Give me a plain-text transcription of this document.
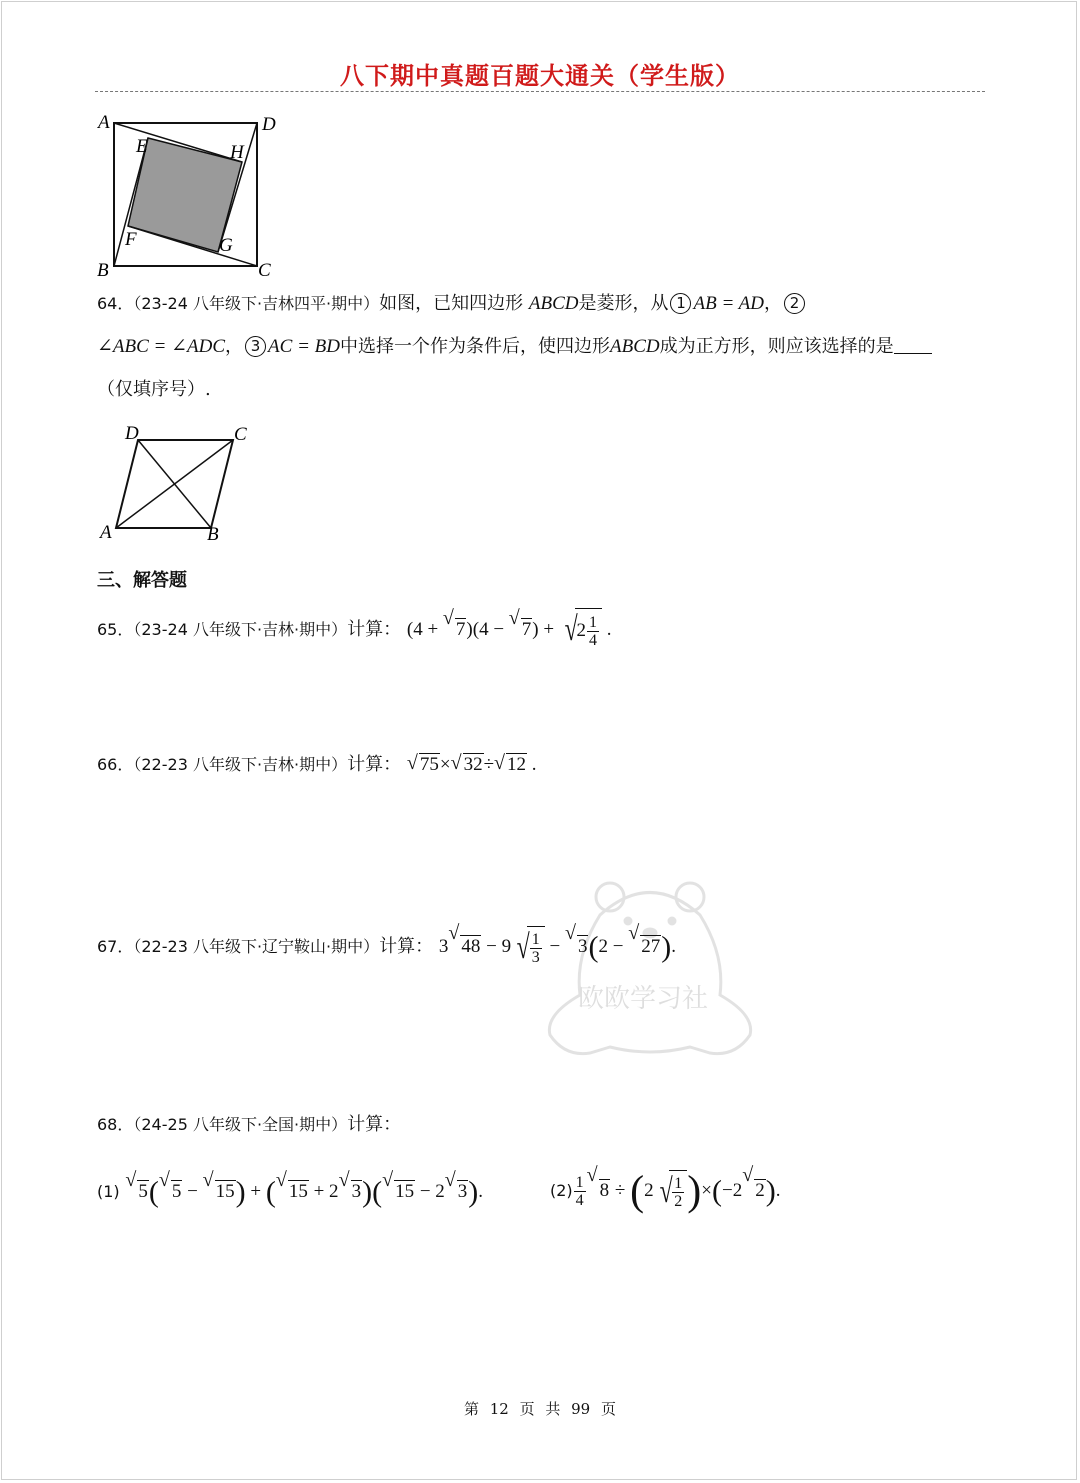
八下期中真题百题大通关（学生版）
A	D
E	H
F	G
B	C
64．（23-24 八年级下·吉林四平·期中）如图，已知四边形 ABCD是菱形，从 1 AB = AD， 2
∠ABC = ∠ADC， 3 AC = BD中选择一个作为条件后，使四边形ABCD成为正方形，则应该选择的是
（仅填序号）.
D	C
A	B
三、解答题
65．（23-24 八年级下·吉林·期中）计算： (4 + √ 7)(4 − √ 7) + √ $2 \frac{1}{4}$ .
66．（22-23 八年级下·吉林·期中）计算： √ 75×√ 32÷√ 12 .
欧欧学习社
67．（22-23 八年级下·辽宁鞍山·期中）计算： 3√ 48 − 9 √ $\frac{1}{3}$ − √ 3(2 − √ 27).
68．（24-25 八年级下·全国·期中）计算：
(1) √ 5(√ 5 − √ 15) + (√ 15 + 2√ 3)(√ 15 − 2√ 3).	$(2) \frac{1}{4}$
√ 8 ÷ (2 √ $\frac{1}{2} )\times(-2√$ 2).
第 12 页 共 99 页
